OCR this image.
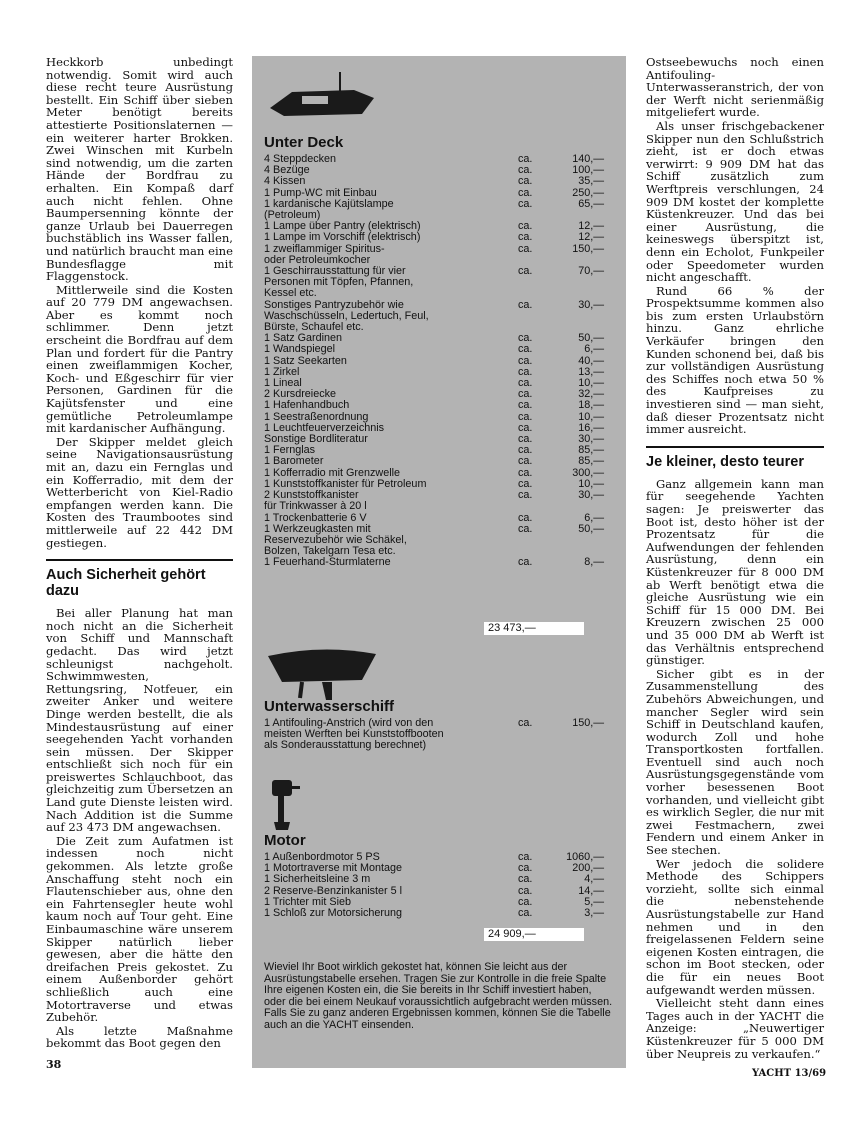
Heckkorb unbedingt notwendig. Somit wird auch diese recht teure Ausrüstung bestellt. Ein Schiff über sieben Meter benötigt bereits attestierte Positionslaternen — ein weiterer harter Brokken. Zwei Winschen mit Kurbeln sind notwendig, um die zarten Hände der Bordfrau zu erhalten. Ein Kompaß darf auch nicht fehlen. Ohne Baumpersenning könnte der ganze Urlaub bei Dauerregen buchstäblich ins Wasser fallen, und natürlich braucht man eine Bundesflagge mit Flaggenstock.

Mittlerweile sind die Kosten auf 20 779 DM angewachsen. Aber es kommt noch schlimmer. Denn jetzt erscheint die Bordfrau auf dem Plan und fordert für die Pantry einen zweiflammigen Kocher, Koch- und Eßgeschirr für vier Personen, Gardinen für die Kajütsfenster und eine gemütliche Petroleumlampe mit kardanischer Aufhängung.

Der Skipper meldet gleich seine Navigationsausrüstung mit an, dazu ein Fernglas und ein Kofferradio, mit dem der Wetterbericht von Kiel-Radio empfangen werden kann. Die Kosten des Traumbootes sind mittlerweile auf 22 442 DM gestiegen.

Auch Sicherheit gehört dazu

Bei aller Planung hat man noch nicht an die Sicherheit von Schiff und Mannschaft gedacht. Das wird jetzt schleunigst nachgeholt. Schwimmwesten, Rettungsring, Notfeuer, ein zweiter Anker und weitere Dinge werden bestellt, die als Mindestausrüstung auf einer seegehenden Yacht vorhanden sein müssen. Der Skipper entschließt sich noch für ein preiswertes Schlauchboot, das gleichzeitig zum Übersetzen an Land gute Dienste leisten wird. Nach Addition ist die Summe auf 23 473 DM angewachsen.

Die Zeit zum Aufatmen ist indessen noch nicht gekommen. Als letzte große Anschaffung steht noch ein Flautenschieber aus, ohne den ein Fahrtensegler heute wohl kaum noch auf Tour geht. Eine Einbaumaschine wäre unserem Skipper natürlich lieber gewesen, aber die hätte den dreifachen Preis gekostet. Zu einem Außenborder gehört schließlich auch eine Motortraverse und etwas Zubehör.

Als letzte Maßnahme bekommt das Boot gegen den

Unter Deck
4 Steppdecken	ca.	140,—
4 Bezüge	ca.	100,—
4 Kissen	ca.	35,—
1 Pump-WC mit Einbau	ca.	250,—
1 kardanische Kajütslampe
(Petroleum)
ca.	65,—
1 Lampe über Pantry (elektrisch)	ca.	12,—
1 Lampe im Vorschiff (elektrisch)	ca.	12,—
1 zweiflammiger Spiritus-
oder Petroleumkocher
ca.	150,—
1 Geschirrausstattung für vier
Personen mit Töpfen, Pfannen,
Kessel etc.
ca.	70,—
Sonstiges Pantryzubehör wie
Waschschüsseln, Ledertuch, Feul,
Bürste, Schaufel etc.
ca.	30,—
1 Satz Gardinen	ca.	50,—
1 Wandspiegel	ca.	6,—
1 Satz Seekarten	ca.	40,—
1 Zirkel	ca.	13,—
1 Lineal	ca.	10,—
2 Kursdreiecke	ca.	32,—
1 Hafenhandbuch	ca.	18,—
1 Seestraßenordnung	ca.	10,—
1 Leuchtfeuerverzeichnis	ca.	16,—
Sonstige Bordliteratur	ca.	30,—
1 Fernglas	ca.	85,—
1 Barometer	ca.	85,—
1 Kofferradio mit Grenzwelle	ca.	300,—
1 Kunststoffkanister für Petroleum	ca.	10,—
2 Kunststoffkanister
für Trinkwasser à 20 l
ca.	30,—
1 Trockenbatterie 6 V	ca.	6,—
1 Werkzeugkasten mit
Reservezubehör wie Schäkel,
Bolzen, Takelgarn Tesa etc.
ca.	50,—
1 Feuerhand-Sturmlaterne	ca.	8,—
23 473,—
Unterwasserschiff
1 Antifouling-Anstrich (wird von den
meisten Werften bei Kunststoffbooten
als Sonderausstattung berechnet)
ca.	150,—
Motor
1 Außenbordmotor 5 PS	ca.	1060,—
1 Motortraverse mit Montage	ca.	200,—
1 Sicherheitsleine 3 m	ca.	4,—
2 Reserve-Benzinkanister 5 l	ca.	14,—
1 Trichter mit Sieb	ca.	5,—
1 Schloß zur Motorsicherung	ca.	3,—
24 909,—
Wieviel Ihr Boot wirklich gekostet hat, können Sie leicht aus der Ausrüstungstabelle ersehen. Tragen Sie zur Kontrolle in die freie Spalte Ihre eigenen Kosten ein, die Sie bereits in Ihr Schiff investiert haben, oder die bei einem Neukauf voraussichtlich aufgebracht werden müssen. Falls Sie zu ganz anderen Ergebnissen kommen, können Sie die Tabelle auch an die YACHT einsenden.

Ostseebewuchs noch einen Antifouling-Unterwasseranstrich, der von der Werft nicht serienmäßig mitgeliefert wurde.

Als unser frischgebackener Skipper nun den Schlußstrich zieht, ist er doch etwas verwirrt: 9 909 DM hat das Schiff zusätzlich zum Werftpreis verschlungen, 24 909 DM kostet der komplette Küstenkreuzer. Und das bei einer Ausrüstung, die keineswegs überspitzt ist, denn ein Echolot, Funkpeiler oder Speedometer wurden nicht angeschafft.

Rund 66 % der Prospektsumme kommen also bis zum ersten Urlaubstörn hinzu. Ganz ehrliche Verkäufer bringen den Kunden schonend bei, daß bis zur vollständigen Ausrüstung des Schiffes noch etwa 50 % des Kaufpreises zu investieren sind — man sieht, daß dieser Prozentsatz nicht immer ausreicht.

Je kleiner, desto teurer

Ganz allgemein kann man für seegehende Yachten sagen: Je preiswerter das Boot ist, desto höher ist der Prozentsatz für die Aufwendungen der fehlenden Ausrüstung, denn ein Küstenkreuzer für 8 000 DM ab Werft benötigt etwa die gleiche Ausrüstung wie ein Schiff für 15 000 DM. Bei Kreuzern zwischen 25 000 und 35 000 DM ab Werft ist das Verhältnis entsprechend günstiger.

Sicher gibt es in der Zusammenstellung des Zubehörs Abweichungen, und mancher Segler wird sein Schiff in Deutschland kaufen, wodurch Zoll und hohe Transportkosten fortfallen. Eventuell sind auch noch Ausrüstungsgegenstände vom vorher besessenen Boot vorhanden, und vielleicht gibt es wirklich Segler, die nur mit zwei Festmachern, zwei Fendern und einem Anker in See stechen.

Wer jedoch die solidere Methode des Schippers vorzieht, sollte sich einmal die nebenstehende Ausrüstungstabelle zur Hand nehmen und in den freigelassenen Feldern seine eigenen Kosten eintragen, die schon im Boot stecken, oder die für ein neues Boot aufgewandt werden müssen.

Vielleicht steht dann eines Tages auch in der YACHT die Anzeige: „Neuwertiger Küstenkreuzer für 5 000 DM über Neupreis zu verkaufen.“

38
YACHT 13/69
